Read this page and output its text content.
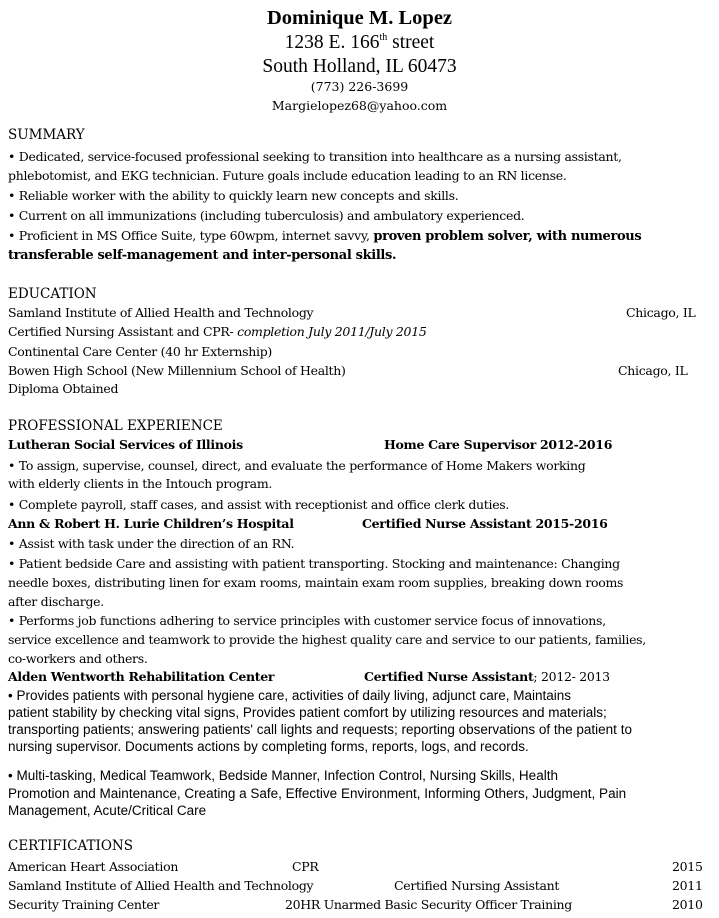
Dominique M. Lopez
1238 E. 166th street
South Holland, IL 60473
(773) 226-3699
Margielopez68@yahoo.com
SUMMARY
• Dedicated, service-focused professional seeking to transition into healthcare as a nursing assistant,
phlebotomist, and EKG technician. Future goals include education leading to an RN license.
• Reliable worker with the ability to quickly learn new concepts and skills.
• Current on all immunizations (including tuberculosis) and ambulatory experienced.
• Proficient in MS Office Suite, type 60wpm, internet savvy, proven problem solver, with numerous
transferable self-management and inter-personal skills.
EDUCATION
Samland Institute of Allied Health and Technology	Chicago, IL
Certified Nursing Assistant and CPR- completion July 2011/July 2015
Continental Care Center (40 hr Externship)
Bowen High School (New Millennium School of Health)	Chicago, IL
Diploma Obtained
PROFESSIONAL EXPERIENCE
Lutheran Social Services of Illinois	Home Care Supervisor 2012-2016
• To assign, supervise, counsel, direct, and evaluate the performance of Home Makers working
with elderly clients in the Intouch program.
• Complete payroll, staff cases, and assist with receptionist and office clerk duties.
Ann & Robert H. Lurie Children’s Hospital	Certified Nurse Assistant 2015-2016
• Assist with task under the direction of an RN.
• Patient bedside Care and assisting with patient transporting. Stocking and maintenance: Changing
needle boxes, distributing linen for exam rooms, maintain exam room supplies, breaking down rooms
after discharge.
• Performs job functions adhering to service principles with customer service focus of innovations,
service excellence and teamwork to provide the highest quality care and service to our patients, families,
co-workers and others.
Alden Wentworth Rehabilitation Center	Certified Nurse Assistant; 2012- 2013
• Provides patients with personal hygiene care, activities of daily living, adjunct care, Maintains
patient stability by checking vital signs, Provides patient comfort by utilizing resources and materials;
transporting patients; answering patients' call lights and requests; reporting observations of the patient to
nursing supervisor. Documents actions by completing forms, reports, logs, and records.
• Multi-tasking, Medical Teamwork, Bedside Manner, Infection Control, Nursing Skills, Health
Promotion and Maintenance, Creating a Safe, Effective Environment, Informing Others, Judgment, Pain
Management, Acute/Critical Care
CERTIFICATIONS
American Heart Association	CPR	2015
Samland Institute of Allied Health and Technology	Certified Nursing Assistant	2011
Security Training Center	20HR Unarmed Basic Security Officer Training	2010
